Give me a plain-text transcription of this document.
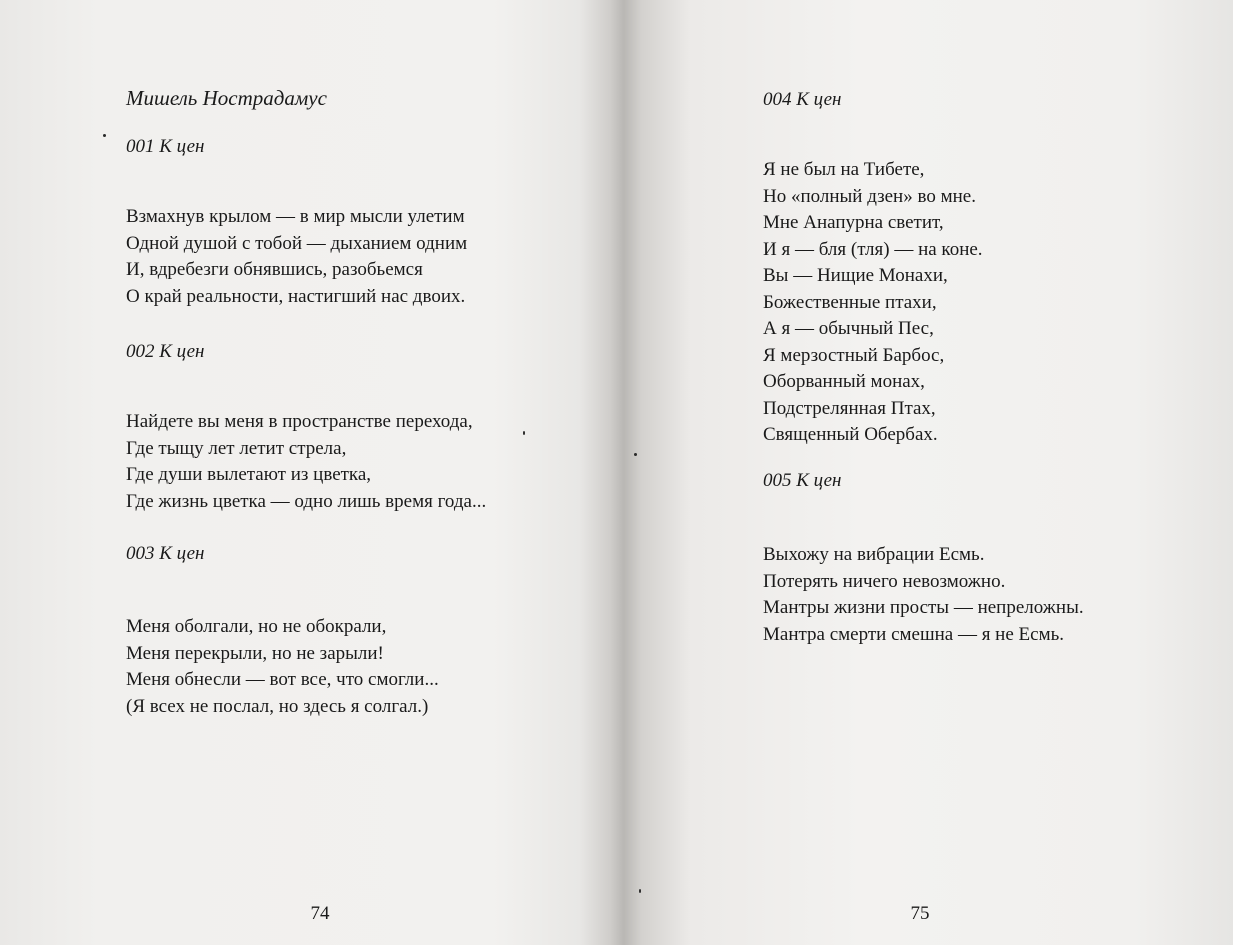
Мишель Нострадамус
001 К цен
Взмахнув крылом — в мир мысли улетим
Одной душой с тобой — дыханием одним
И, вдребезги обнявшись, разобьемся
О край реальности, настигший нас двоих.
002 К цен
Найдете вы меня в пространстве перехода,
Где тыщу лет летит стрела,
Где души вылетают из цветка,
Где жизнь цветка — одно лишь время года...
003 К цен
Меня оболгали, но не обокрали,
Меня перекрыли, но не зарыли!
Меня обнесли — вот все, что смогли...
(Я всех не послал, но здесь я солгал.)
74
004 К цен
Я не был на Тибете,
Но «полный дзен» во мне.
Мне Анапурна светит,
И я — бля (тля) — на коне.
Вы — Нищие Монахи,
Божественные птахи,
А я — обычный Пес,
Я мерзостный Барбос,
Оборванный монах,
Подстрелянная Птах,
Священный Обербах.
005 К цен
Выхожу на вибрации Есмь.
Потерять ничего невозможно.
Мантры жизни просты — непреложны.
Мантра смерти смешна — я не Есмь.
75
